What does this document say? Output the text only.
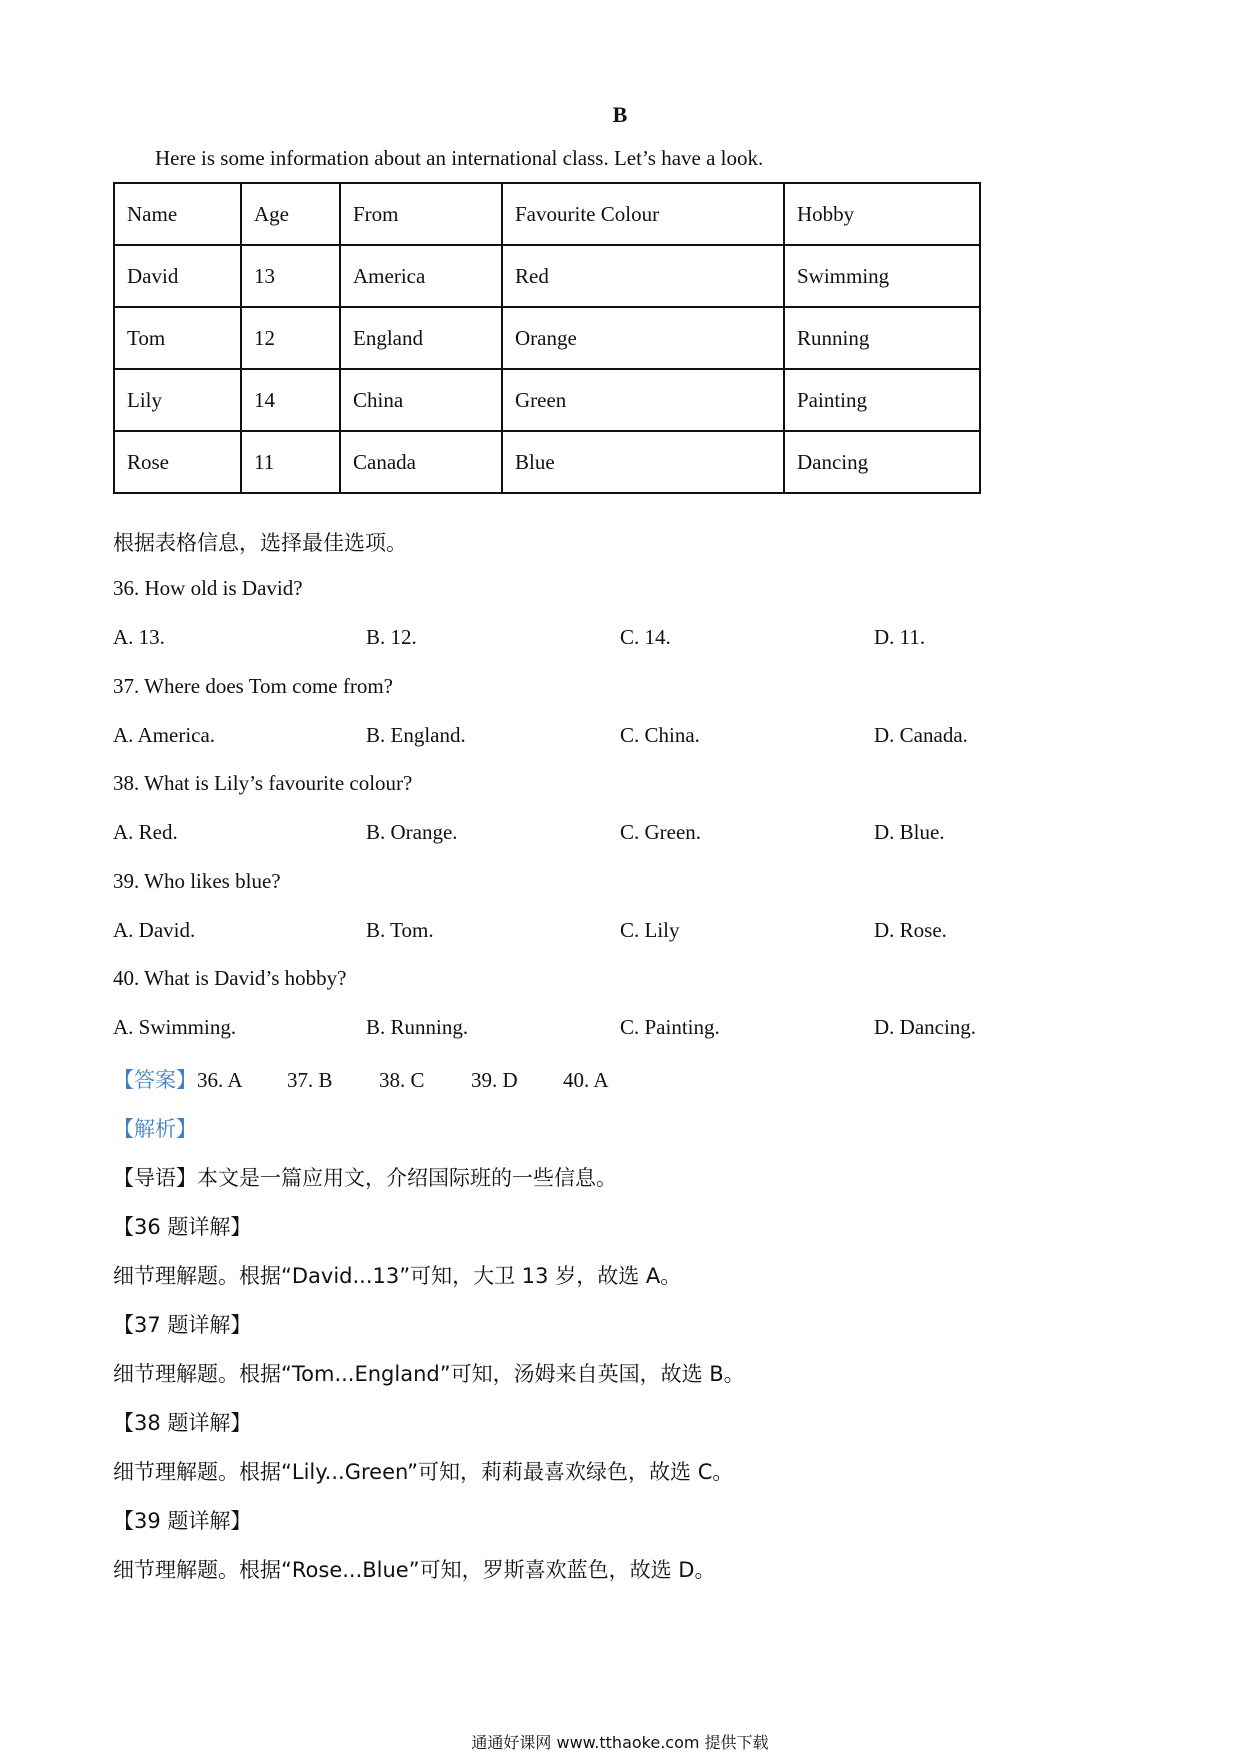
B
Here is some information about an international class. Let’s have a look.
Name	Age	From	Favourite Colour	Hobby
David	13	America	Red	Swimming
Tom	12	England	Orange	Running
Lily	14	China	Green	Painting
Rose	11	Canada	Blue	Dancing
根据表格信息，选择最佳选项。
36. How old is David?
A. 13.	B. 12.	C. 14.	D. 11.
37. Where does Tom come from?
A. America.	B. England.	C. China.	D. Canada.
38. What is Lily’s favourite colour?
A. Red.	B. Orange.	C. Green.	D. Blue.
39. Who likes blue?
A. David.	B. Tom.	C. Lily	D. Rose.
40. What is David’s hobby?
A. Swimming.	B. Running.	C. Painting.	D. Dancing.
【答案】36. A 37. B 38. C 39. D 40. A
【解析】
【导语】本文是一篇应用文，介绍国际班的一些信息。
【36 题详解】
细节理解题。根据“David...13”可知，大卫 13 岁，故选 A。
【37 题详解】
细节理解题。根据“Tom...England”可知，汤姆来自英国，故选 B。
【38 题详解】
细节理解题。根据“Lily...Green”可知，莉莉最喜欢绿色，故选 C。
【39 题详解】
细节理解题。根据“Rose...Blue”可知，罗斯喜欢蓝色，故选 D。
通通好课网 www.tthaoke.com 提供下载
